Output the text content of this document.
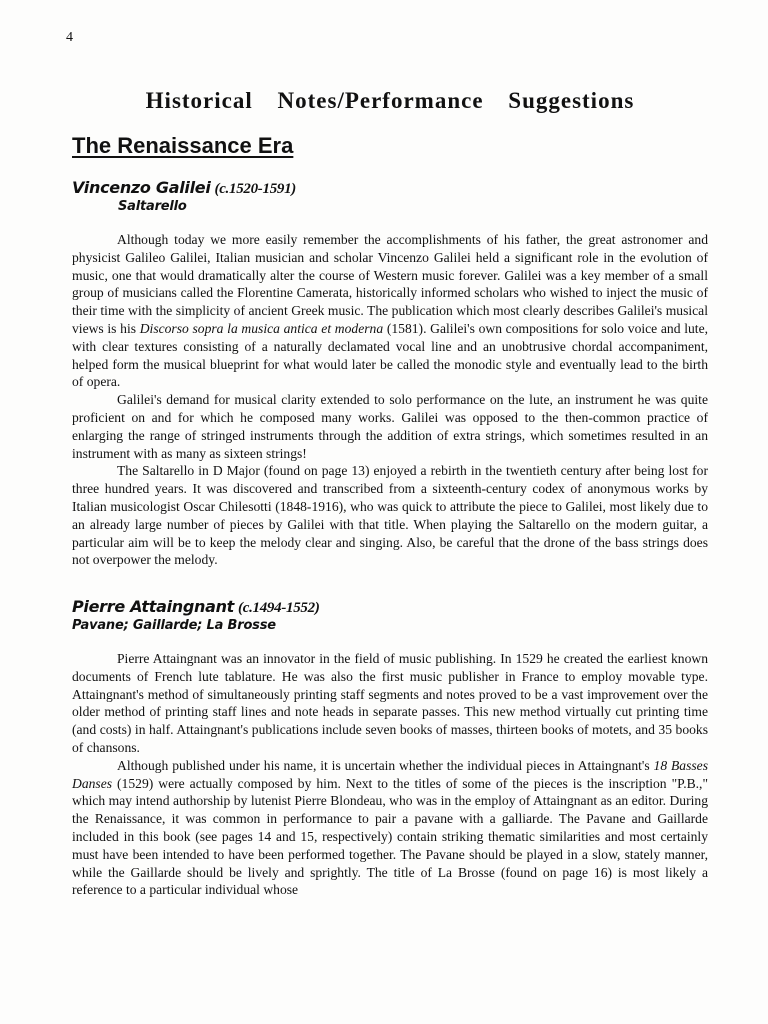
4
Historical Notes/Performance Suggestions
The Renaissance Era
Vincenzo Galilei (c.1520-1591)
Saltarello

Although today we more easily remember the accomplishments of his father, the great astronomer and physicist Galileo Galilei, Italian musician and scholar Vincenzo Galilei held a significant role in the evolution of music, one that would dramatically alter the course of Western music forever. Galilei was a key member of a small group of musicians called the Florentine Camerata, historically informed scholars who wished to inject the music of their time with the simplicity of ancient Greek music. The publication which most clearly describes Galilei's musical views is his Discorso sopra la musica antica et moderna (1581). Galilei's own compositions for solo voice and lute, with clear textures consisting of a naturally declamated vocal line and an unobtrusive chordal accompaniment, helped form the musical blueprint for what would later be called the monodic style and eventually lead to the birth of opera.

Galilei's demand for musical clarity extended to solo performance on the lute, an instrument he was quite proficient on and for which he composed many works. Galilei was opposed to the then-common practice of enlarging the range of stringed instruments through the addition of extra strings, which sometimes resulted in an instrument with as many as sixteen strings!

The Saltarello in D Major (found on page 13) enjoyed a rebirth in the twentieth century after being lost for three hundred years. It was discovered and transcribed from a sixteenth-century codex of anonymous works by Italian musicologist Oscar Chilesotti (1848-1916), who was quick to attribute the piece to Galilei, most likely due to an already large number of pieces by Galilei with that title. When playing the Saltarello on the modern guitar, a particular aim will be to keep the melody clear and singing. Also, be careful that the drone of the bass strings does not overpower the melody.

Pierre Attaingnant (c.1494-1552)
Pavane; Gaillarde; La Brosse

Pierre Attaingnant was an innovator in the field of music publishing. In 1529 he created the earliest known documents of French lute tablature. He was also the first music publisher in France to employ movable type. Attaingnant's method of simultaneously printing staff segments and notes proved to be a vast improvement over the older method of printing staff lines and note heads in separate passes. This new method virtually cut printing time (and costs) in half. Attaingnant's publications include seven books of masses, thirteen books of motets, and 35 books of chansons.

Although published under his name, it is uncertain whether the individual pieces in Attaingnant's 18 Basses Danses (1529) were actually composed by him. Next to the titles of some of the pieces is the inscription "P.B.," which may intend authorship by lutenist Pierre Blondeau, who was in the employ of Attaingnant as an editor. During the Renaissance, it was common in performance to pair a pavane with a galliarde. The Pavane and Gaillarde included in this book (see pages 14 and 15, respectively) contain striking thematic similarities and most certainly must have been intended to have been performed together. The Pavane should be played in a slow, stately manner, while the Gaillarde should be lively and sprightly. The title of La Brosse (found on page 16) is most likely a reference to a particular individual whose
